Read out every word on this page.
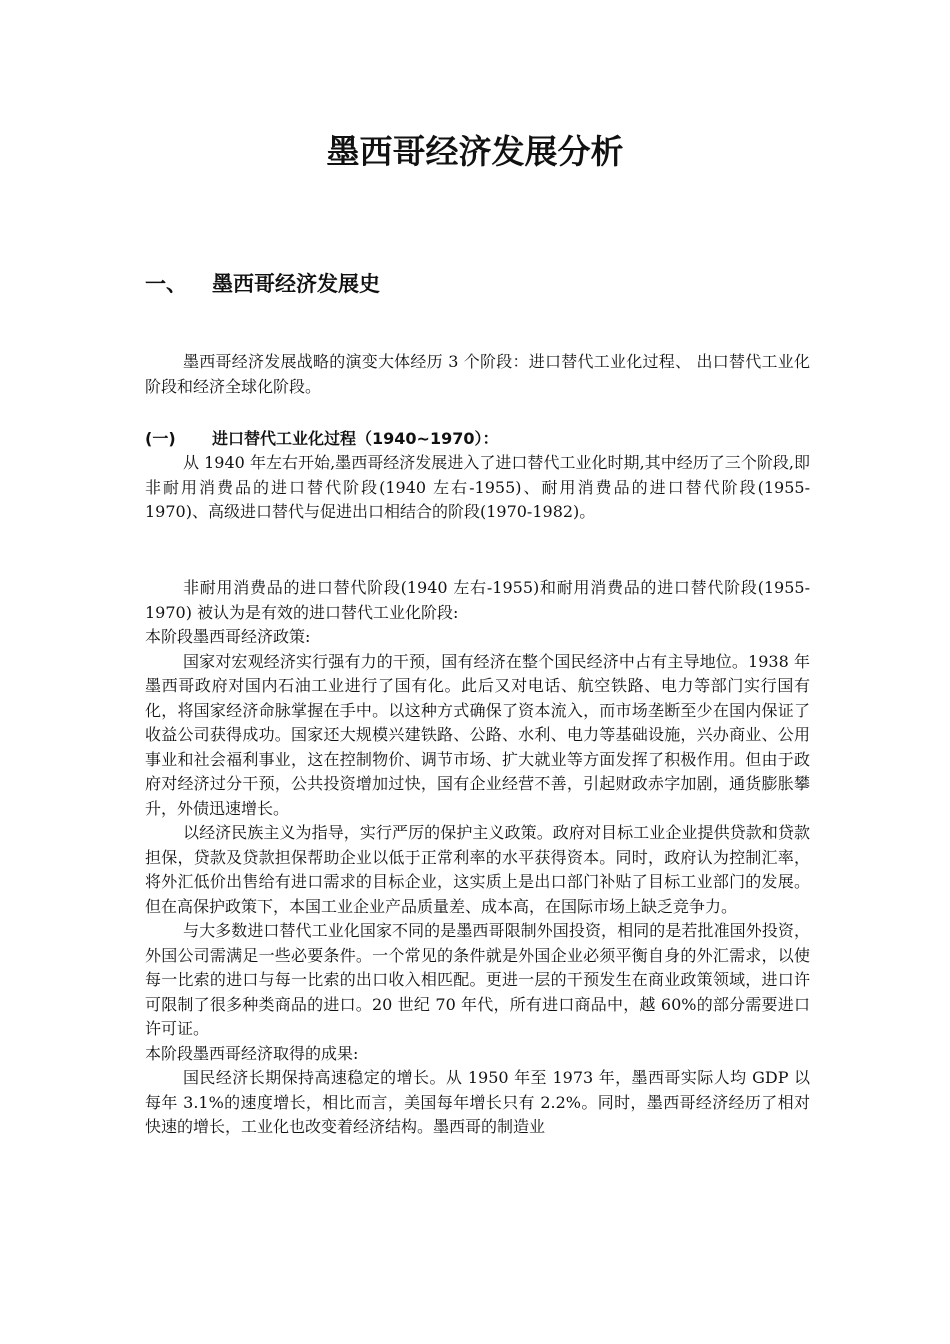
墨西哥经济发展分析
一、 墨西哥经济发展史

墨西哥经济发展战略的演变大体经历 3 个阶段：进口替代工业化过程、 出口替代工业化阶段和经济全球化阶段。

(一) 进口替代工业化过程（1940~1970）：

从 1940 年左右开始,墨西哥经济发展进入了进口替代工业化时期,其中经历了三个阶段,即非耐用消费品的进口替代阶段(1940 左右-1955)、耐用消费品的进口替代阶段(1955-1970)、高级进口替代与促进出口相结合的阶段(1970-1982)。

非耐用消费品的进口替代阶段(1940 左右-1955)和耐用消费品的进口替代阶段(1955-1970) 被认为是有效的进口替代工业化阶段:

本阶段墨西哥经济政策:

国家对宏观经济实行强有力的干预，国有经济在整个国民经济中占有主导地位。1938 年墨西哥政府对国内石油工业进行了国有化。此后又对电话、航空铁路、电力等部门实行国有化，将国家经济命脉掌握在手中。以这种方式确保了资本流入，而市场垄断至少在国内保证了收益公司获得成功。国家还大规模兴建铁路、公路、水利、电力等基础设施，兴办商业、公用事业和社会福利事业，这在控制物价、调节市场、扩大就业等方面发挥了积极作用。但由于政府对经济过分干预，公共投资增加过快，国有企业经营不善，引起财政赤字加剧，通货膨胀攀升，外债迅速增长。

以经济民族主义为指导，实行严厉的保护主义政策。政府对目标工业企业提供贷款和贷款担保，贷款及贷款担保帮助企业以低于正常利率的水平获得资本。同时，政府认为控制汇率，将外汇低价出售给有进口需求的目标企业，这实质上是出口部门补贴了目标工业部门的发展。但在高保护政策下，本国工业企业产品质量差、成本高，在国际市场上缺乏竞争力。

与大多数进口替代工业化国家不同的是墨西哥限制外国投资，相同的是若批准国外投资，外国公司需满足一些必要条件。一个常见的条件就是外国企业必须平衡自身的外汇需求，以使每一比索的进口与每一比索的出口收入相匹配。更进一层的干预发生在商业政策领域，进口许可限制了很多种类商品的进口。20 世纪 70 年代，所有进口商品中，越 60%的部分需要进口许可证。

本阶段墨西哥经济取得的成果:

国民经济长期保持高速稳定的增长。从 1950 年至 1973 年，墨西哥实际人均 GDP 以每年 3.1%的速度增长，相比而言，美国每年增长只有 2.2%。同时，墨西哥经济经历了相对快速的增长，工业化也改变着经济结构。墨西哥的制造业
